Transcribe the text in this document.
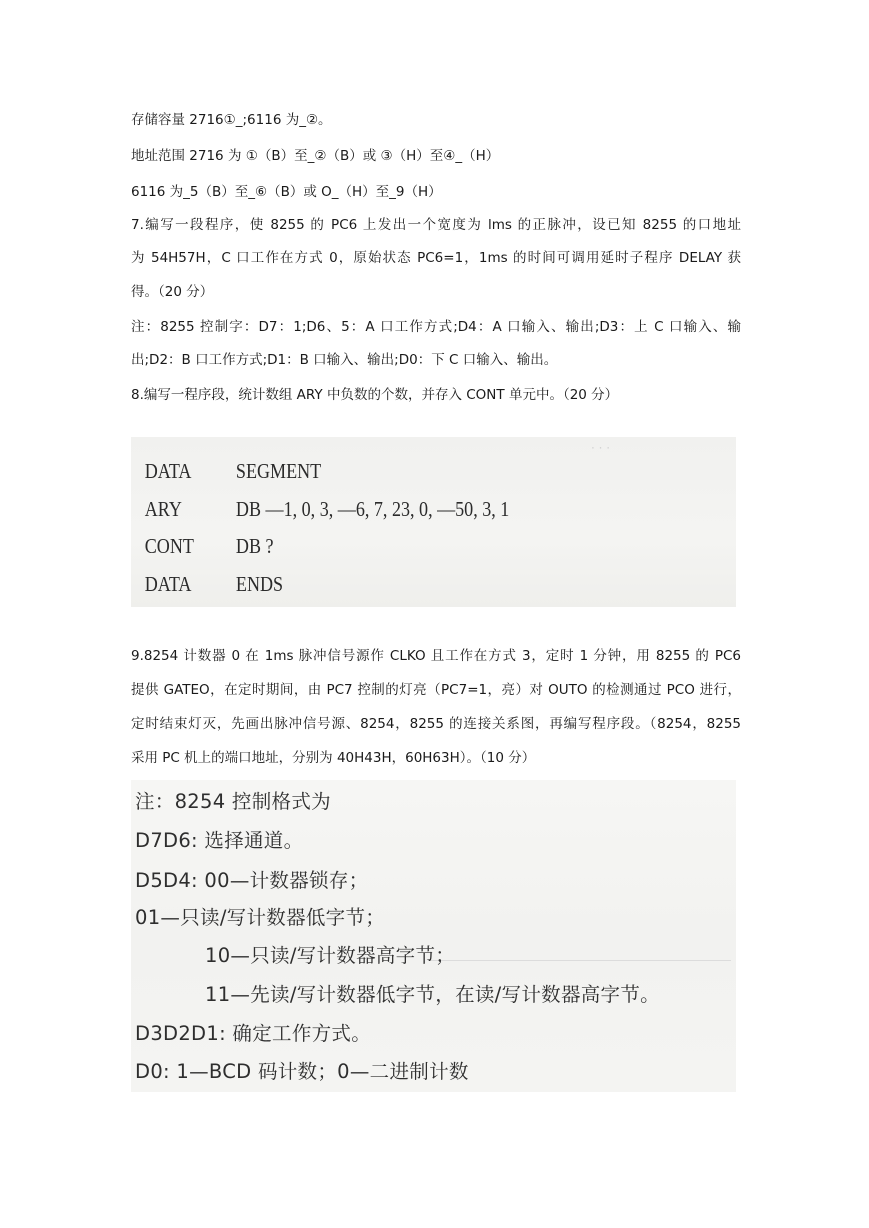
存储容量 2716①_;6116 为_②。
地址范围 2716 为 ①（B）至_②（B）或 ③（H）至④_（H）
6116 为_5（B）至_⑥（B）或 O_（H）至_9（H）
7.编写一段程序，使 8255 的 PC6 上发出一个宽度为 lms 的正脉冲，设已知 8255 的口地址
为 54H57H，C 口工作在方式 0，原始状态 PC6=1，1ms 的时间可调用延时子程序 DELAY 获
得。（20 分）
注：8255 控制字：D7：1;D6、5：A 口工作方式;D4：A 口输入、输出;D3：上 C 口输入、输
出;D2：B 口工作方式;D1：B 口输入、输出;D0：下 C 口输入、输出。
8.编写一程序段，统计数组 ARY 中负数的个数，并存入 CONT 单元中。（20 分）
· · ·
DATA SEGMENT
ARY	DB —1, 0, 3, —6, 7, 23, 0, —50, 3, 1
CONT DB ?
DATA ENDS
9.8254 计数器 0 在 1ms 脉冲信号源作 CLKO 且工作在方式 3，定时 1 分钟，用 8255 的 PC6
提供 GATEO，在定时期间，由 PC7 控制的灯亮（PC7=1，亮）对 OUTO 的检测通过 PCO 进行，
定时结束灯灭，先画出脉冲信号源、8254，8255 的连接关系图，再编写程序段。（8254，8255
采用 PC 机上的端口地址，分别为 40H43H，60H63H）。（10 分）
注：8254 控制格式为
D7D6: 选择通道。
D5D4: 00—计数器锁存；
01—只读/写计数器低字节；
10—只读/写计数器高字节；
11—先读/写计数器低字节，在读/写计数器高字节。
D3D2D1: 确定工作方式。
D0: 1—BCD 码计数；0—二进制计数
